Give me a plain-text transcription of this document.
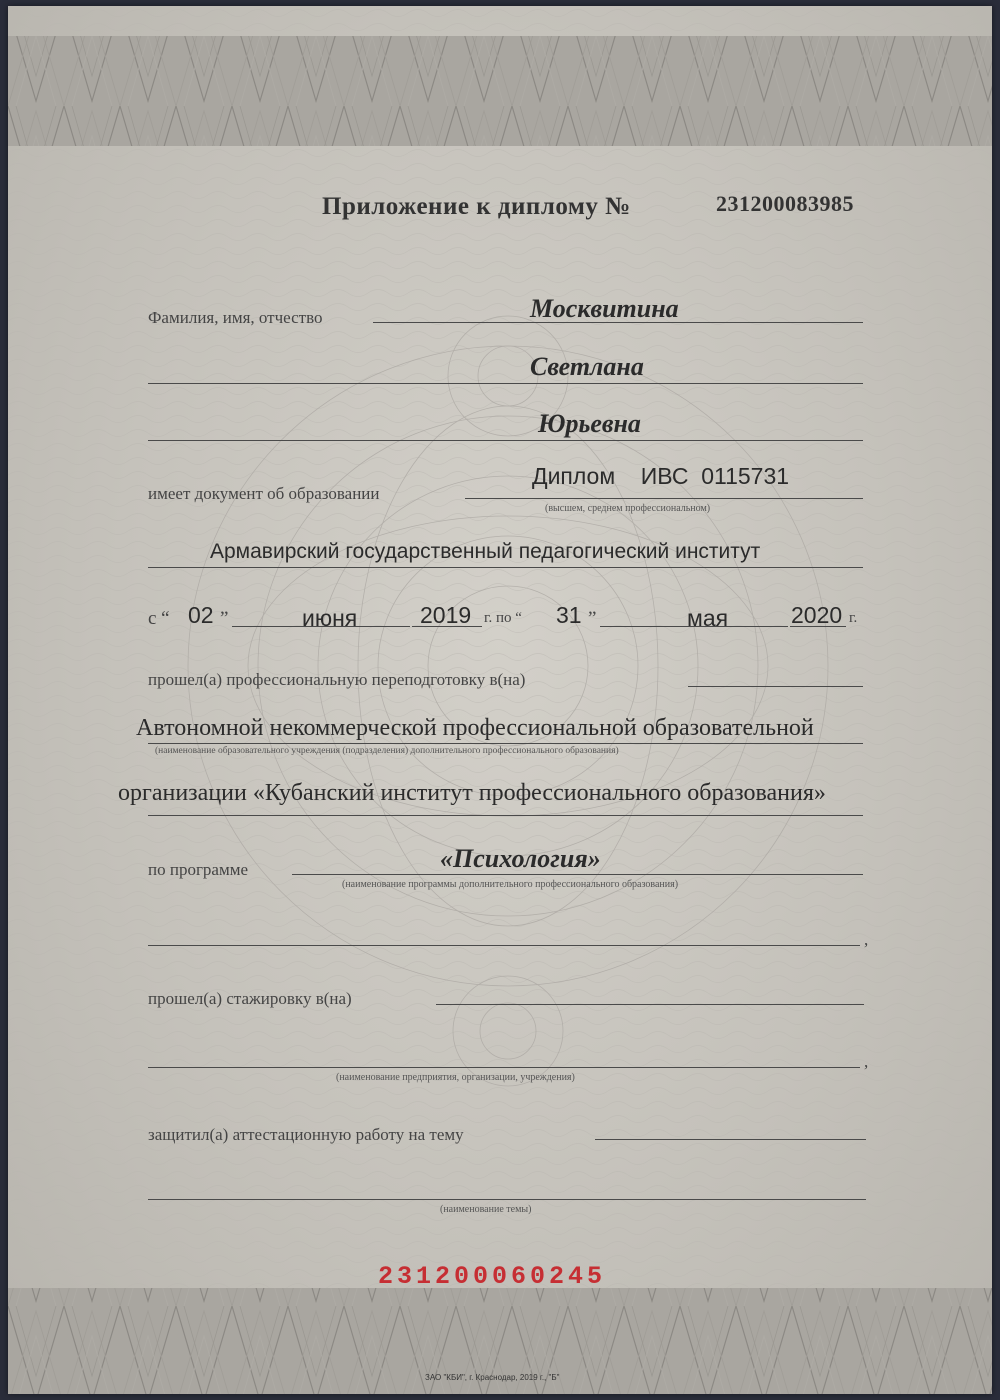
Приложение к диплому №	231200083985
Фамилия, имя, отчество	Москвитина
Светлана
Юрьевна
имеет документ об образовании
Диплом    ИВС  0115731
(высшем, среднем профессиональном)
Армавирский государственный педагогический институт
с “ 02 ”	июня	2019 г. по “ 31 ”	мая	2020 г.
прошел(а) профессиональную переподготовку в(на)
Автономной некоммерческой профессиональной образовательной
(наименование образовательного учреждения (подразделения) дополнительного профессионального образования)
организации «Кубанский институт профессионального образования»
по программе	«Психология»
(наименование программы дополнительного профессионального образования)
,
прошел(а) стажировку в(на)
,
(наименование предприятия, организации, учреждения)
защитил(а) аттестационную работу на тему
(наименование темы)
231200060245
ЗАО "КБИ", г. Краснодар, 2019 г., "Б"
